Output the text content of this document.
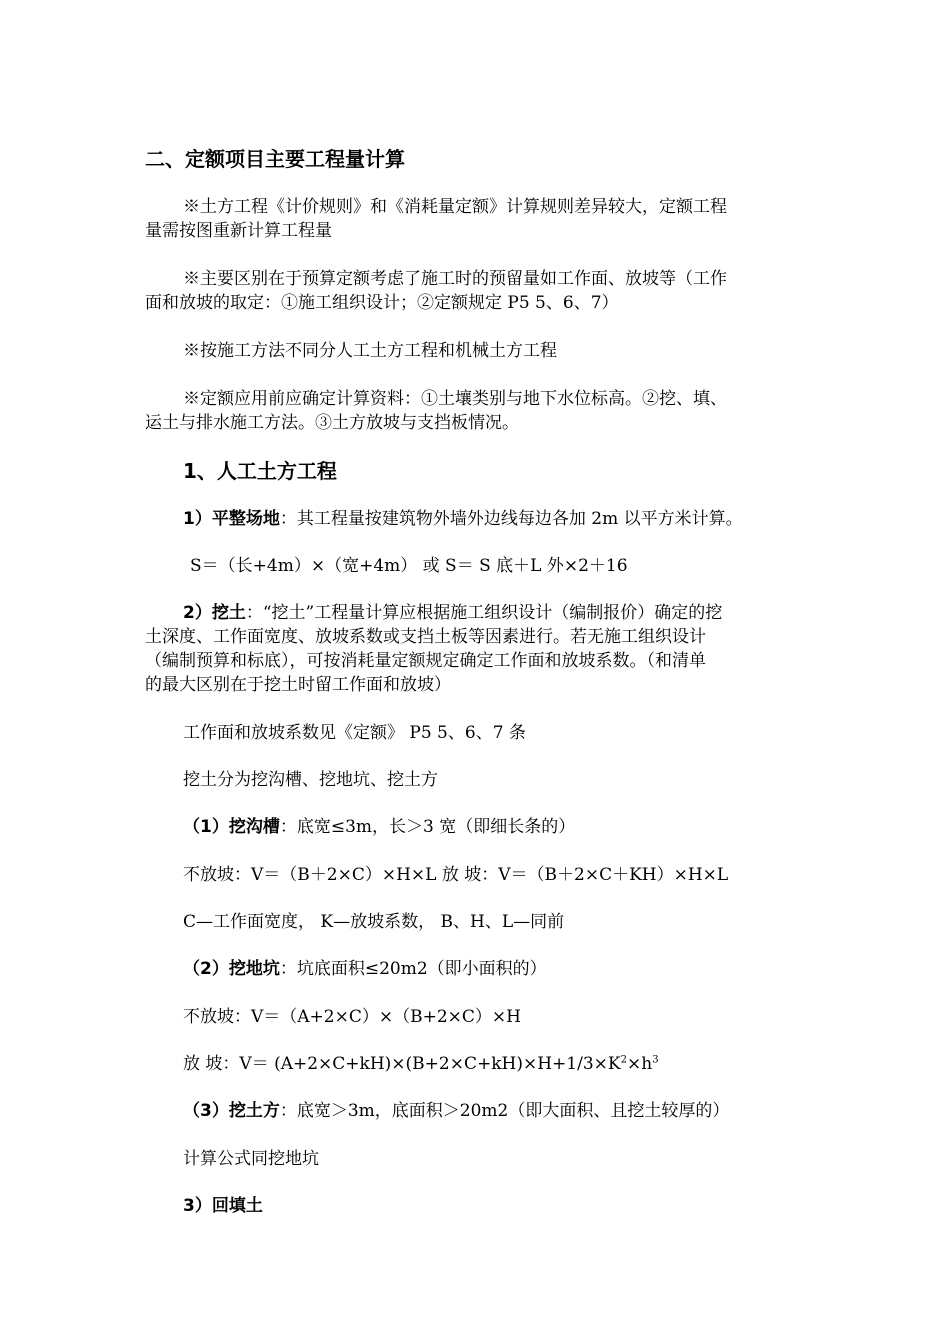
二、定额项目主要工程量计算
※土方工程《计价规则》和《消耗量定额》计算规则差异较大，定额工程
量需按图重新计算工程量
※主要区别在于预算定额考虑了施工时的预留量如工作面、放坡等（工作
面和放坡的取定：①施工组织设计；②定额规定 P5 5、6、7）
※按施工方法不同分人工土方工程和机械土方工程
※定额应用前应确定计算资料：①土壤类别与地下水位标高。②挖、填、
运土与排水施工方法。③土方放坡与支挡板情况。
1、人工土方工程
1）平整场地：其工程量按建筑物外墙外边线每边各加 2m 以平方米计算。
S＝（长+4m）×（宽+4m） 或 S＝ S 底＋L 外×2＋16
2）挖土：“挖土”工程量计算应根据施工组织设计（编制报价）确定的挖
土深度、工作面宽度、放坡系数或支挡土板等因素进行。若无施工组织设计
（编制预算和标底），可按消耗量定额规定确定工作面和放坡系数。（和清单
的最大区别在于挖土时留工作面和放坡）
工作面和放坡系数见《定额》 P5 5、6、7 条
挖土分为挖沟槽、挖地坑、挖土方
（1）挖沟槽：底宽≤3m，长＞3 宽（即细长条的）
不放坡：V＝（B＋2×C）×H×L 放 坡：V＝（B＋2×C＋KH）×H×L
C—工作面宽度， K—放坡系数， B、H、L—同前
（2）挖地坑：坑底面积≤20m2（即小面积的）
不放坡：V＝（A+2×C）×（B+2×C）×H
放 坡：$V= (A+2\times C+kH)\times(B+2\times C+kH)\times H+1/3\times K^2\times h^3$
（3）挖土方：底宽＞3m，底面积＞20m2（即大面积、且挖土较厚的）
计算公式同挖地坑
3）回填土
